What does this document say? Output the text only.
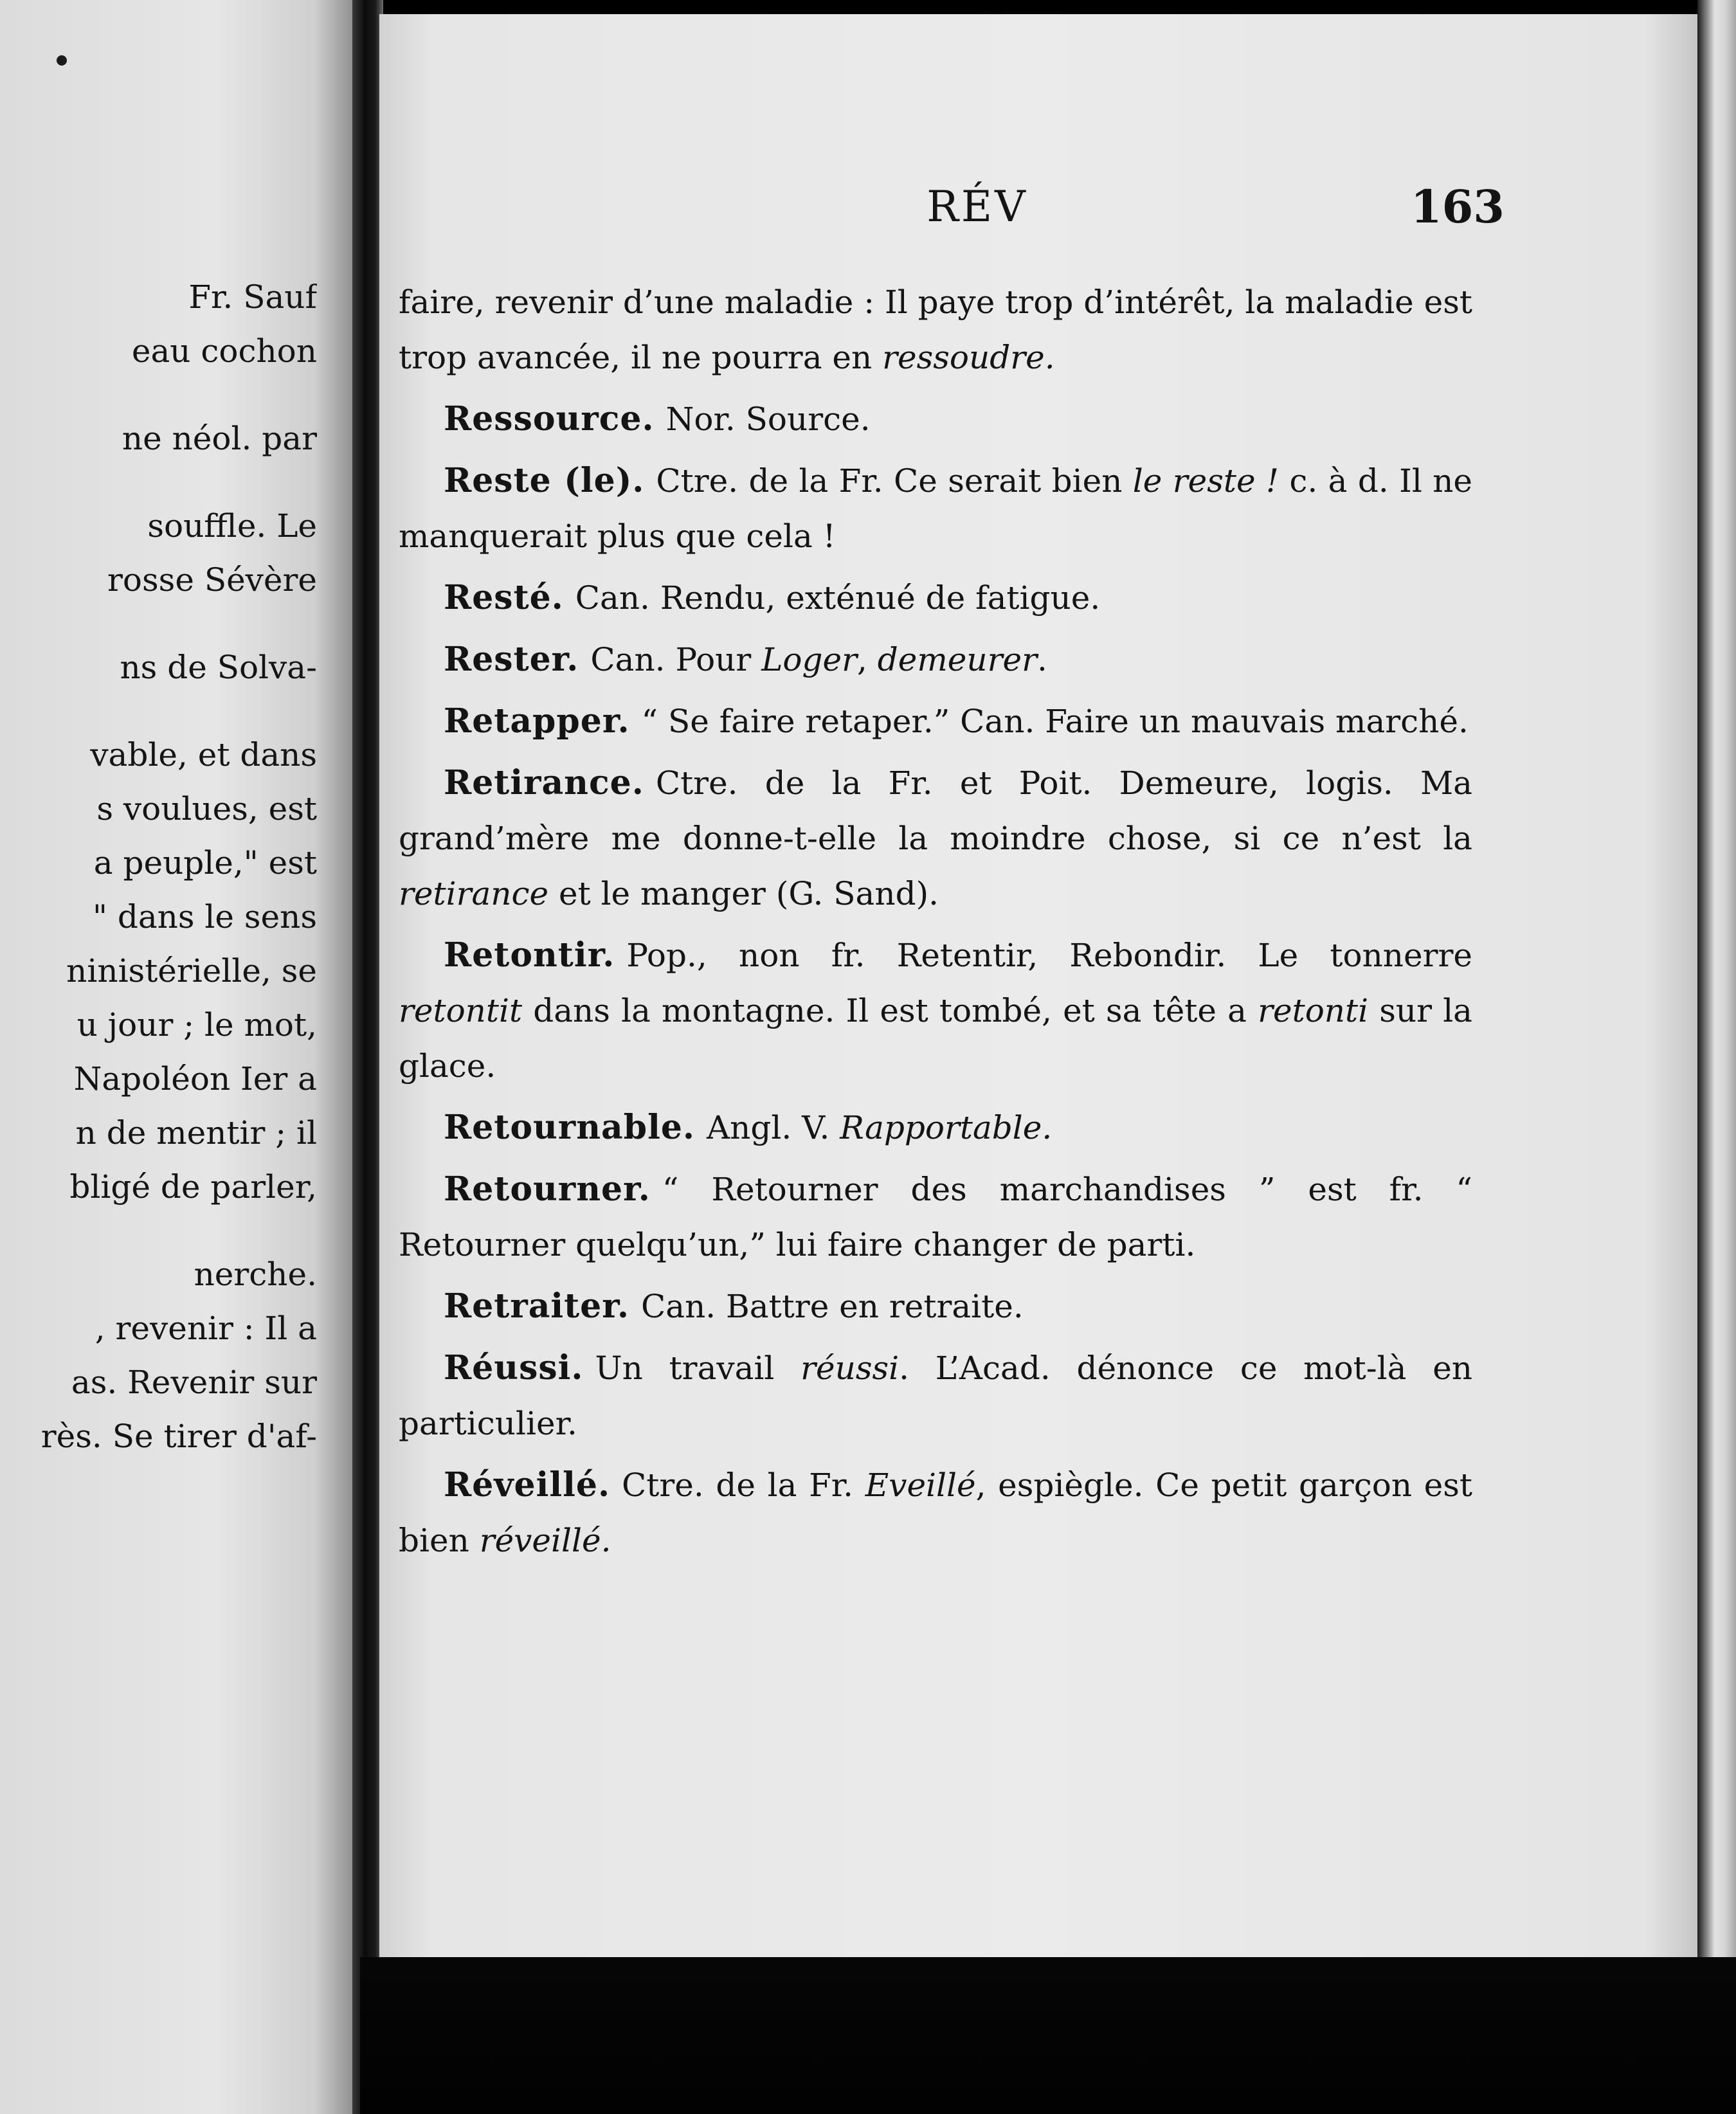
Fr. Sauf
eau cochon
ne néol. par
souffle. Le
rosse Sévère
ns de Solva-
vable, et dans
s voulues, est
a peuple," est
" dans le sens
ninistérielle, se
u jour ; le mot,
Napoléon Ier a
n de mentir ; il
bligé de parler,
nerche.
, revenir : Il a
as. Revenir sur
rès. Se tirer d'af-
RÉV	163

faire, revenir d’une maladie : Il paye trop d’intérêt, la maladie est trop avancée, il ne pourra en ressoudre.

Ressource. Nor. Source.

Reste (le). Ctre. de la Fr. Ce serait bien le reste ! c. à d. Il ne manquerait plus que cela !

Resté. Can. Rendu, exténué de fatigue.

Rester. Can. Pour Loger, demeurer.

Retapper. “ Se faire retaper.” Can. Faire un mauvais marché.

Retirance. Ctre. de la Fr. et Poit. Demeure, logis. Ma grand’mère me donne-t-elle la moindre chose, si ce n’est la retirance et le manger (G. Sand).

Retontir. Pop., non fr. Retentir, Rebondir. Le tonnerre retontit dans la montagne. Il est tombé, et sa tête a retonti sur la glace.

Retournable. Angl. V. Rapportable.

Retourner. “ Retourner des marchandises ” est fr. “ Retourner quelqu’un,” lui faire changer de parti.

Retraiter. Can. Battre en retraite.

Réussi. Un travail réussi. L’Acad. dénonce ce mot-là en particulier.

Réveillé. Ctre. de la Fr. Eveillé, espiègle. Ce petit garçon est bien réveillé.
